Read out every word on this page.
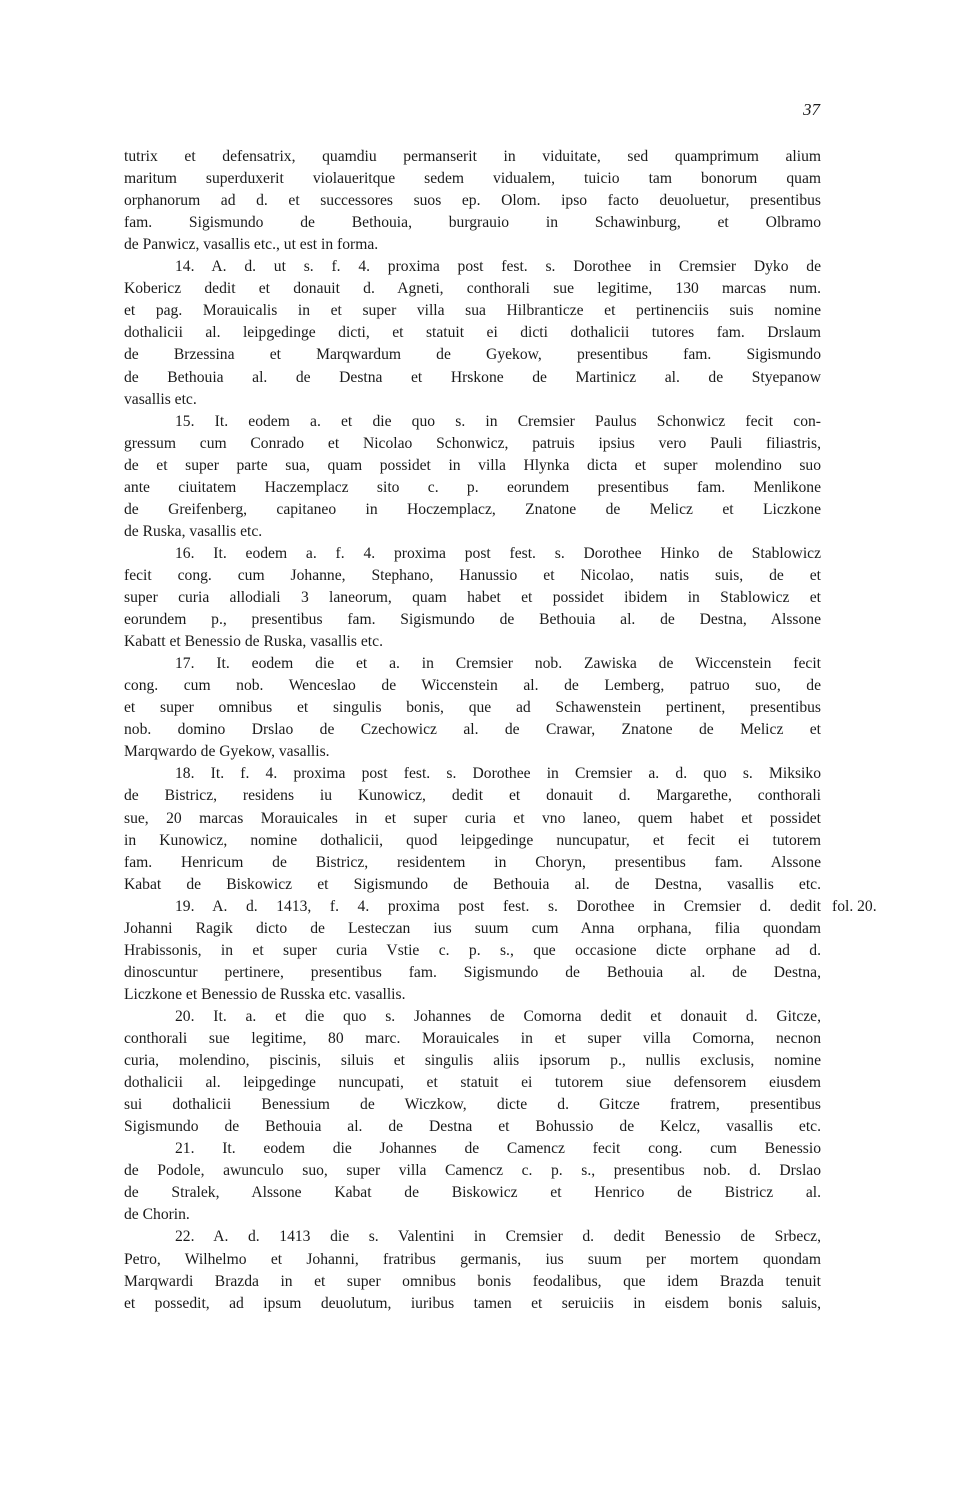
37
tutrix et defensatrix, quamdiu permanserit in viduitate, sed quamprimum alium
maritum superduxerit violaueritque sedem vidualem, tuicio tam bonorum quam
orphanorum ad d. et successores suos ep. Olom. ipso facto deuoluetur, presentibus
fam. Sigismundo de Bethouia, burgrauio in Schawinburg, et Olbramo
de Panwicz, vasallis etc., ut est in forma.
14. A. d. ut s. f. 4. proxima post fest. s. Dorothee in Cremsier Dyko de
Kobericz dedit et donauit d. Agneti, conthorali sue legitime, 130 marcas num.
et pag. Morauicalis in et super villa sua Hilbranticze et pertinenciis suis nomine
dothalicii al. leipgedinge dicti, et statuit ei dicti dothalicii tutores fam. Drslaum
de Brzessina et Marqwardum de Gyekow, presentibus fam. Sigismundo
de Bethouia al. de Destna et Hrskone de Martinicz al. de Styepanow
vasallis etc.
15. It. eodem a. et die quo s. in Cremsier Paulus Schonwicz fecit con-
gressum cum Conrado et Nicolao Schonwicz, patruis ipsius vero Pauli filiastris,
de et super parte sua, quam possidet in villa Hlynka dicta et super molendino suo
ante ciuitatem Haczemplacz sito c. p. eorundem presentibus fam. Menlikone
de Greifenberg, capitaneo in Hoczemplacz, Znatone de Melicz et Liczkone
de Ruska, vasallis etc.
16. It. eodem a. f. 4. proxima post fest. s. Dorothee Hinko de Stablowicz
fecit cong. cum Johanne, Stephano, Hanussio et Nicolao, natis suis, de et
super curia allodiali 3 laneorum, quam habet et possidet ibidem in Stablowicz et
eorundem p., presentibus fam. Sigismundo de Bethouia al. de Destna, Alssone
Kabatt et Benessio de Ruska, vasallis etc.
17. It. eodem die et a. in Cremsier nob. Zawiska de Wiccenstein fecit
cong. cum nob. Wenceslao de Wiccenstein al. de Lemberg, patruo suo, de
et super omnibus et singulis bonis, que ad Schawenstein pertinent, presentibus
nob. domino Drslao de Czechowicz al. de Crawar, Znatone de Melicz et
Marqwardo de Gyekow, vasallis.
18. It. f. 4. proxima post fest. s. Dorothee in Cremsier a. d. quo s. Miksiko
de Bistricz, residens iu Kunowicz, dedit et donauit d. Margarethe, conthorali
sue, 20 marcas Morauicales in et super curia et vno laneo, quem habet et possidet
in Kunowicz, nomine dothalicii, quod leipgedinge nuncupatur, et fecit ei tutorem
fam. Henricum de Bistricz, residentem in Choryn, presentibus fam. Alssone
Kabat de Biskowicz et Sigismundo de Bethouia al. de Destna, vasallis etc.
19. A. d. 1413, f. 4. proxima post fest. s. Dorothee in Cremsier d. dedit
Johanni Ragik dicto de Lesteczan ius suum cum Anna orphana, filia quondam
Hrabissonis, in et super curia Vstie c. p. s., que occasione dicte orphane ad d.
dinoscuntur pertinere, presentibus fam. Sigismundo de Bethouia al. de Destna,
Liczkone et Benessio de Russka etc. vasallis.
20. It. a. et die quo s. Johannes de Comorna dedit et donauit d. Gitcze,
conthorali sue legitime, 80 marc. Morauicales in et super villa Comorna, necnon
curia, molendino, piscinis, siluis et singulis aliis ipsorum p., nullis exclusis, nomine
dothalicii al. leipgedinge nuncupati, et statuit ei tutorem siue defensorem eiusdem
sui dothalicii Benessium de Wiczkow, dicte d. Gitcze fratrem, presentibus
Sigismundo de Bethouia al. de Destna et Bohussio de Kelcz, vasallis etc.
21. It. eodem die Johannes de Camencz fecit cong. cum Benessio
de Podole, awunculo suo, super villa Camencz c. p. s., presentibus nob. d. Drslao
de Stralek, Alssone Kabat de Biskowicz et Henrico de Bistricz al.
de Chorin.
22. A. d. 1413 die s. Valentini in Cremsier d. dedit Benessio de Srbecz,
Petro, Wilhelmo et Johanni, fratribus germanis, ius suum per mortem quondam
Marqwardi Brazda in et super omnibus bonis feodalibus, que idem Brazda tenuit
et possedit, ad ipsum deuolutum, iuribus tamen et seruiciis in eisdem bonis saluis,
fol. 20.
